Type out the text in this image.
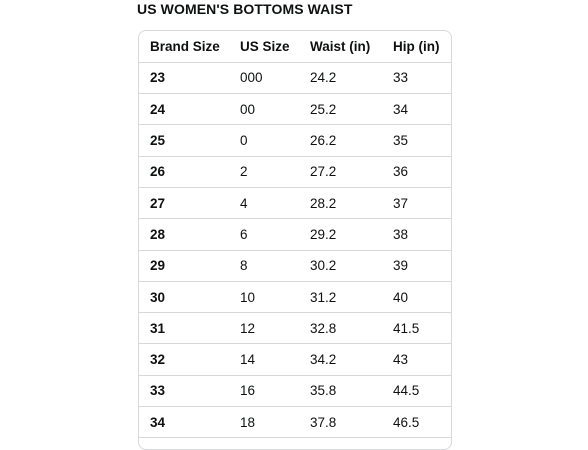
US WOMEN'S BOTTOMS WAIST
Brand Size	US Size	Waist (in)	Hip (in)
23	000	24.2	33
24	00	25.2	34
25	0	26.2	35
26	2	27.2	36
27	4	28.2	37
28	6	29.2	38
29	8	30.2	39
30	10	31.2	40
31	12	32.8	41.5
32	14	34.2	43
33	16	35.8	44.5
34	18	37.8	46.5
